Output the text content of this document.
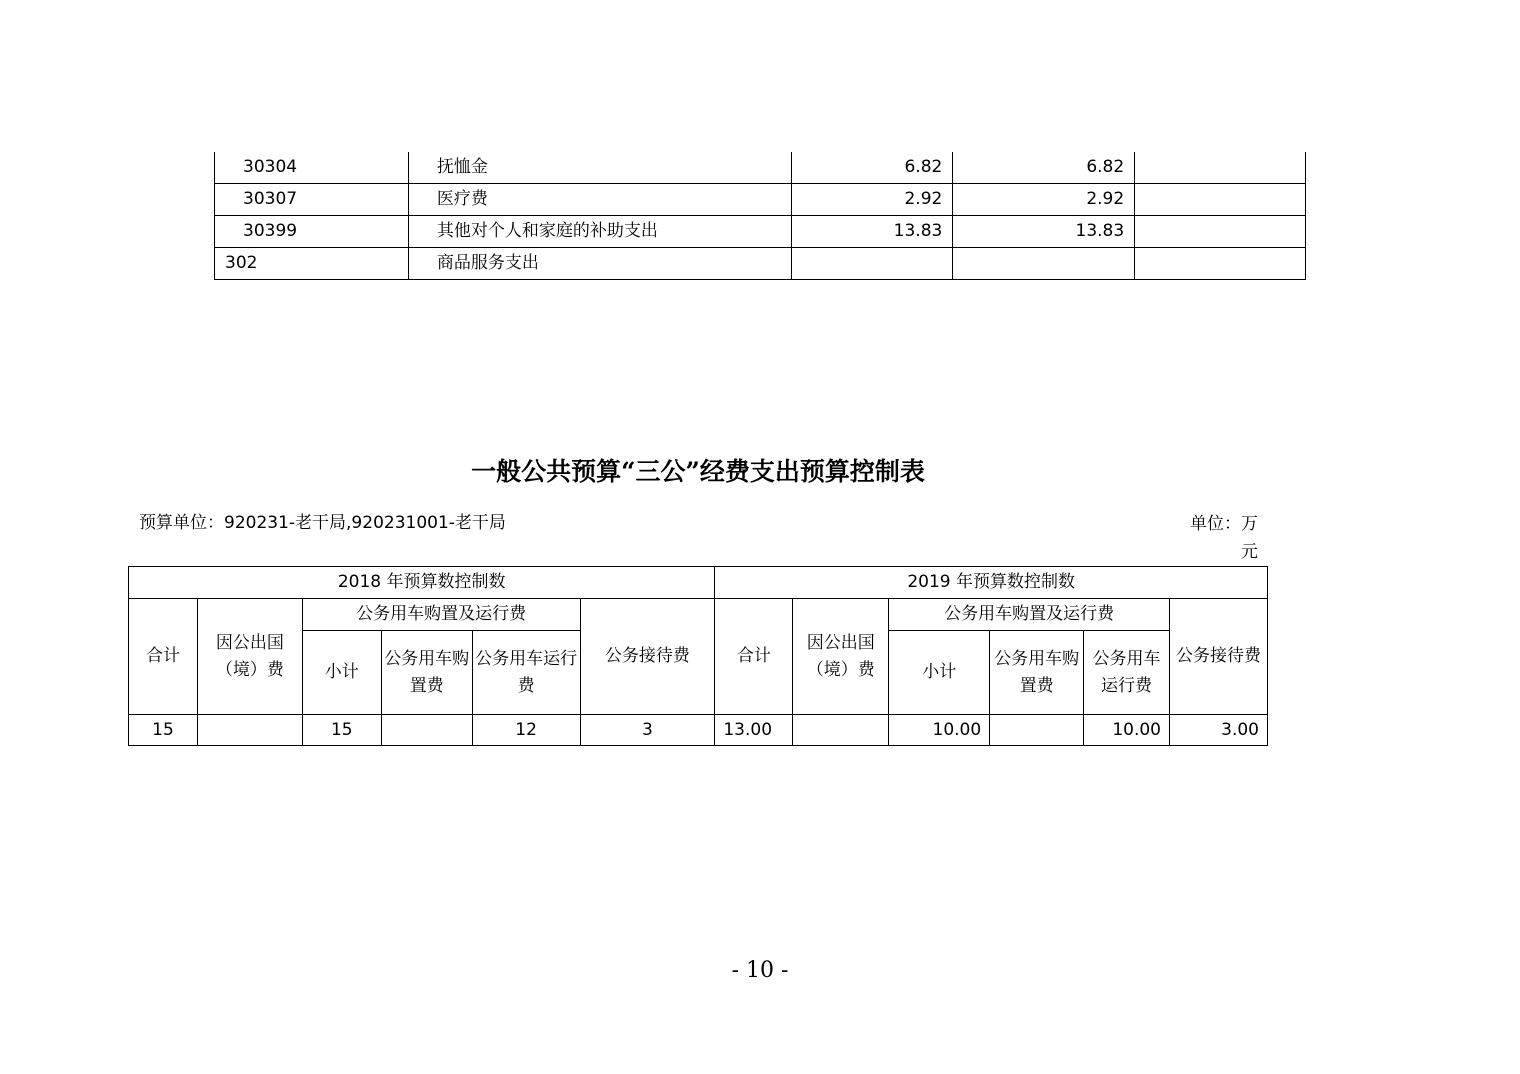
30304	抚恤金	6.82	6.82	
30307	医疗费	2.92	2.92	
30399	其他对个人和家庭的补助支出	13.83	13.83	
302	商品服务支出			
一般公共预算“三公”经费支出预算控制表
预算单位：920231-老干局,920231001-老干局	单位：万元
2018 年预算数控制数						2019 年预算数控制数					
合计	因公出国（境）费	公务用车购置及运行费			公务接待费	合计	因公出国（境）费	公务用车购置及运行费			公务接待费
		小计	公务用车购置费	公务用车运行费				小计	公务用车购置费	公务用车运行费	
15		15		12	3	13.00		10.00		10.00	3.00
- 10 -
